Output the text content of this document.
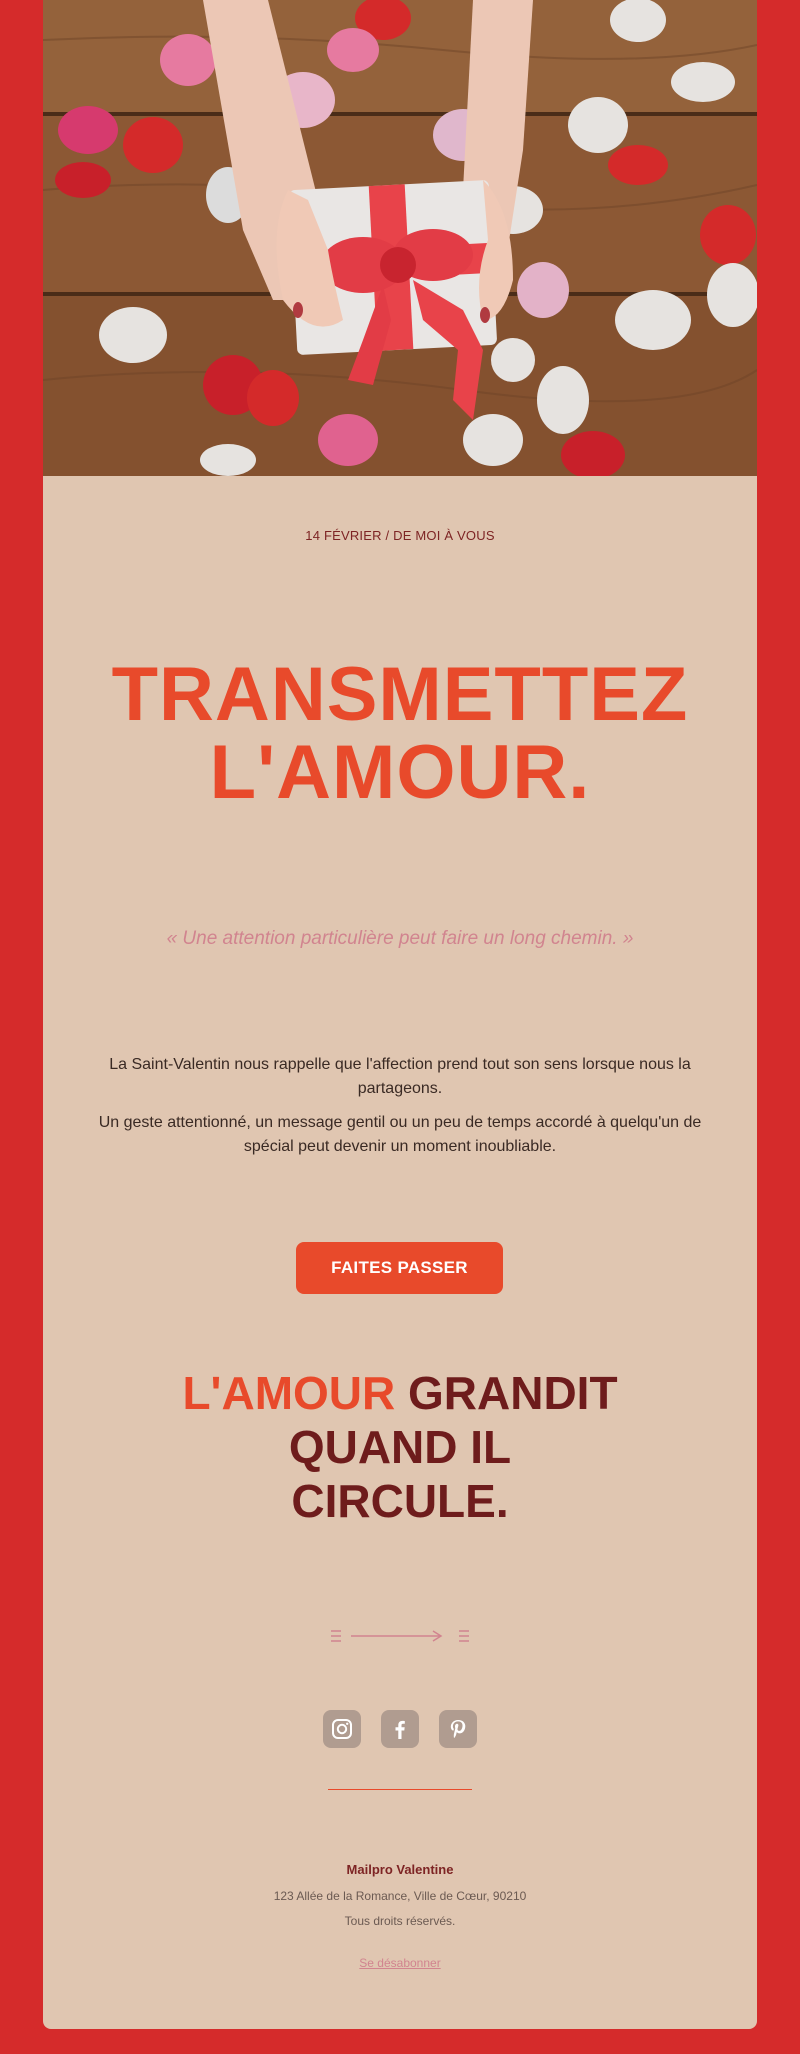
14 FÉVRIER / DE MOI À VOUS
TRANSMETTEZ
L'AMOUR.
« Une attention particulière peut faire un long chemin. »

La Saint-Valentin nous rappelle que l'affection prend tout son sens lorsque nous la partageons.

Un geste attentionné, un message gentil ou un peu de temps accordé à quelqu'un de spécial peut devenir un moment inoubliable.

FAITES PASSER
L'AMOUR GRANDIT
QUAND IL
CIRCULE.
Mailpro Valentine
123 Allée de la Romance, Ville de Cœur, 90210
Tous droits réservés.
Se désabonner
